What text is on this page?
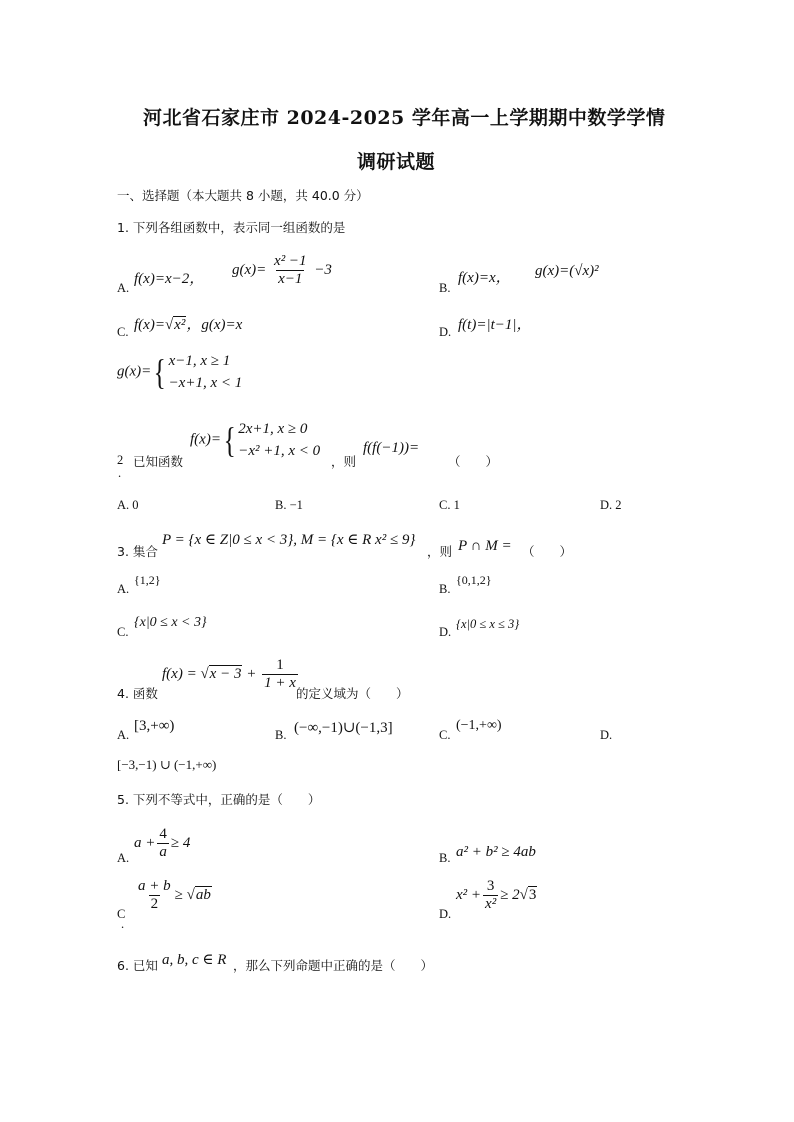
河北省石家庄市 2024-2025 学年高一上学期期中数学学情
调研试题
一、选择题（本大题共 8 小题，共 40.0 分）
1. 下列各组函数中，表示同一组函数的是
A.
f(x)=x−2，
$g(x)= \frac{\text{x² −1}}{x-1} -3$
B.
f(x)=x， g(x)=(√x)²
C. f(x)=√x²，g(x)=x	D. f(t)=|t−1|，
g(x)={ x−1, x ≥ 1
−x+1, x < 1
2
.
已知函数
f(x)={ 2x+1, x ≥ 0
−x² +1, x < 0
，则
f(f(−1))=
（　　）
A. 0	B. −1	C. 1	D. 2
3. 集合
P = {x ∈ Z|0 ≤ x < 3}, M = {x ∈ R x² ≤ 9}
，则 P ∩ M = （　　）
A.
{1,2}
B.
{0,1,2}
C.
{x|0 ≤ x < 3}
D.
{x|0 ≤ x ≤ 3}
4. 函数
$f(x) = √x - 3 + \frac{1}{1 + x}$
的定义域为（　　）
A.
[3,+∞)
B. (−∞,−1)∪(−1,3]	C.
(−1,+∞)
D.
[−3,−1) ∪ (−1,+∞)
5. 下列不等式中，正确的是（　　）
A.
$a + \frac{4}{a} \ge 4$
B. a² + b² ≥ 4ab
C
.
$\frac{a + b}{2} \ge √ab$
D.
$x^2 + \frac{3}{\text{x²}} \ge 2√3$
6. 已知 a, b, c ∈ R ，那么下列命题中正确的是（　　）
